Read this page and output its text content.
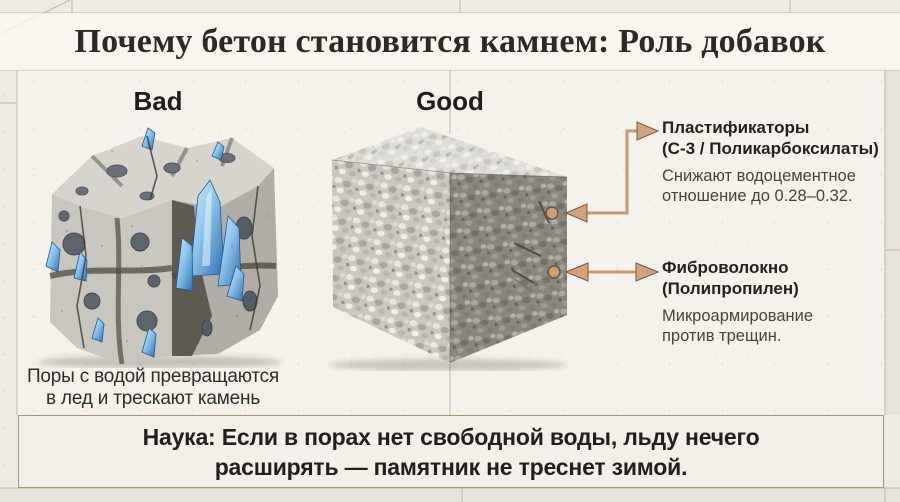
Почему бетон становится камнем: Роль добавок
Bad	Good
Пластификаторы
(С-3 / Поликарбоксилаты)
Снижают водоцементное
отношение до 0.28–0.32.
Фиброволокно
(Полипропилен)
Микроармирование
против трещин.
Поры с водой превращаются
в лед и трескают камень
Наука: Если в порах нет свободной воды, льду нечего
расширять — памятник не треснет зимой.
